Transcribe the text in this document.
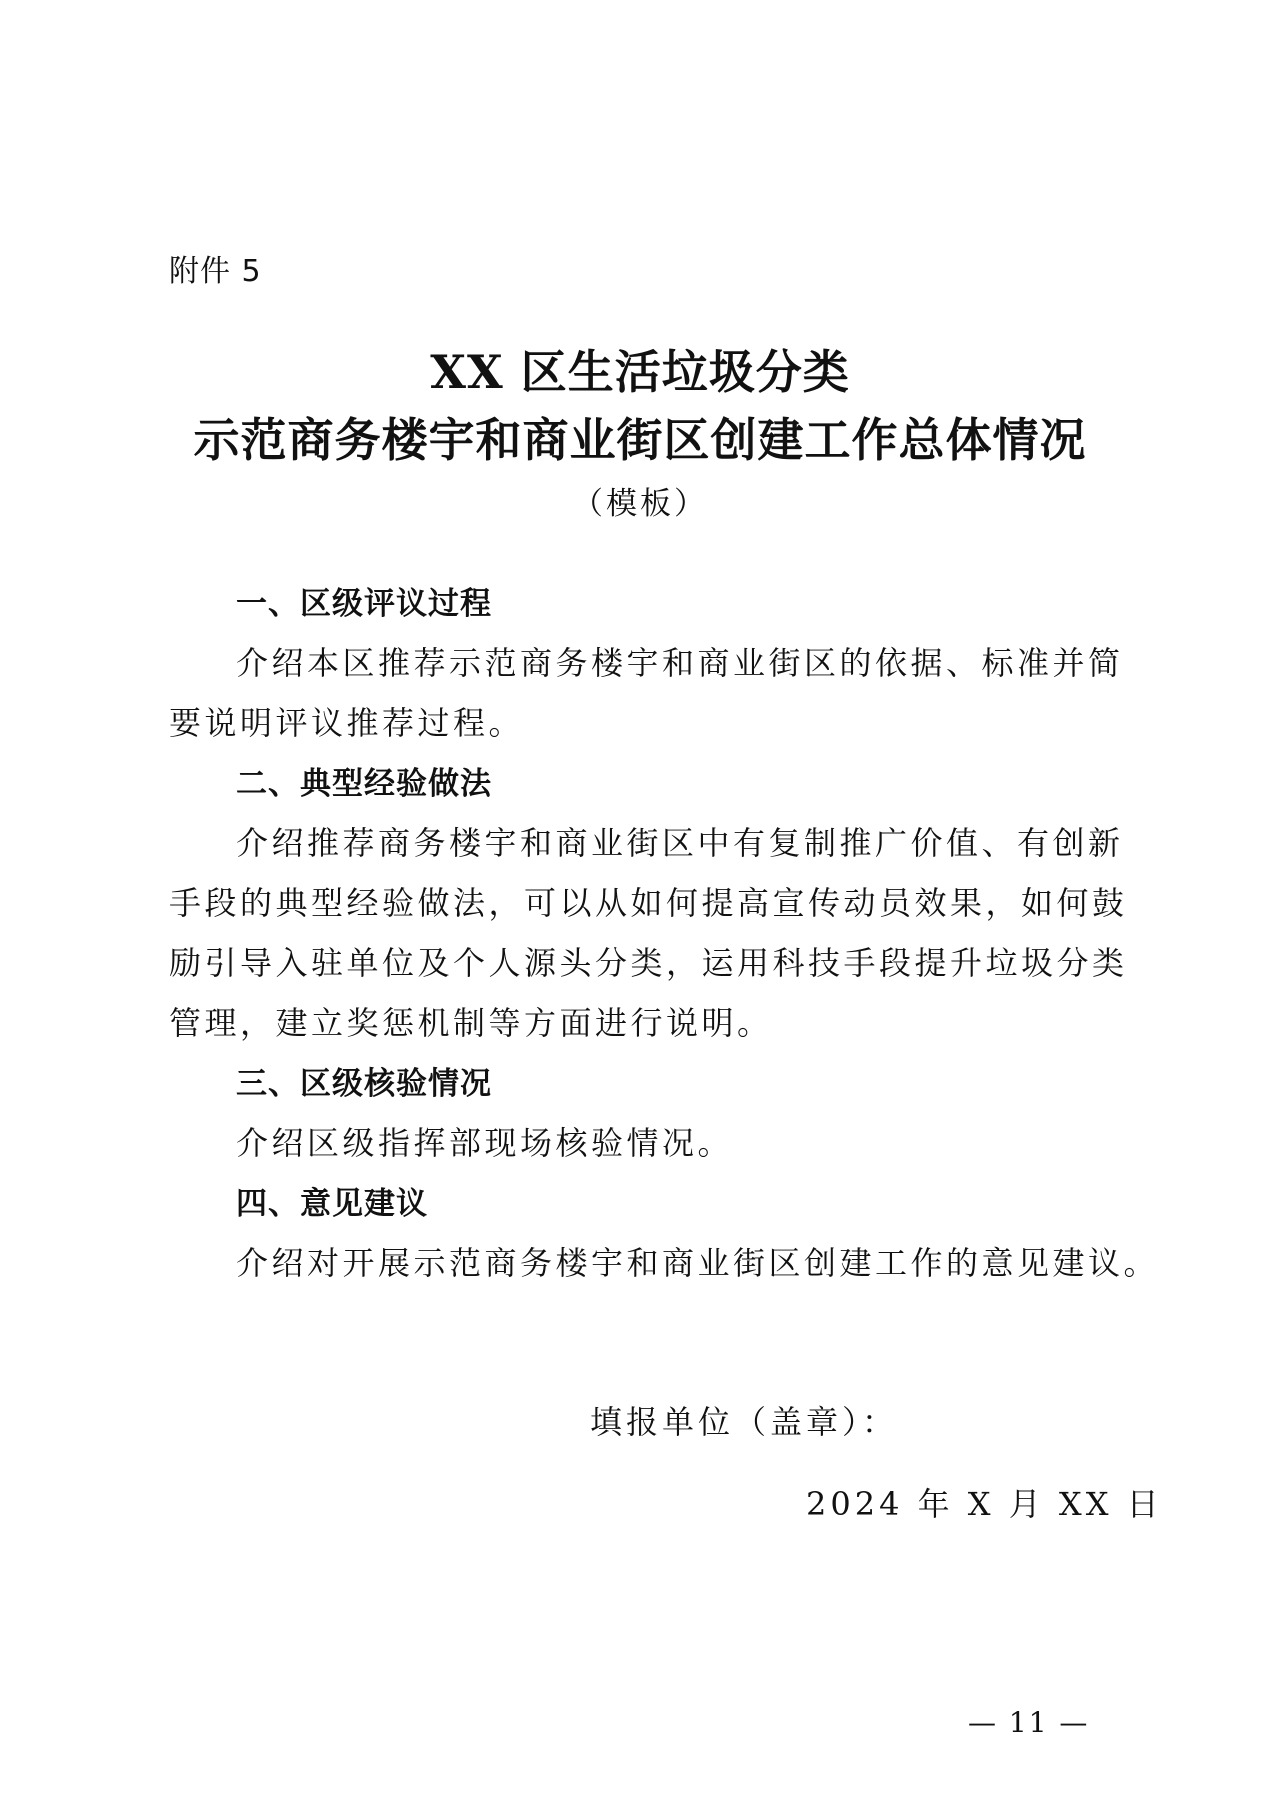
附件 5
XX 区生活垃圾分类
示范商务楼宇和商业街区创建工作总体情况
（模板）
一、区级评议过程
介绍本区推荐示范商务楼宇和商业街区的依据、标准并简
要说明评议推荐过程。
二、典型经验做法
介绍推荐商务楼宇和商业街区中有复制推广价值、有创新
手段的典型经验做法，可以从如何提高宣传动员效果，如何鼓
励引导入驻单位及个人源头分类，运用科技手段提升垃圾分类
管理，建立奖惩机制等方面进行说明。
三、区级核验情况
介绍区级指挥部现场核验情况。
四、意见建议
介绍对开展示范商务楼宇和商业街区创建工作的意见建议。
填报单位（盖章）：
2024 年 X 月 XX 日
— 11 —
